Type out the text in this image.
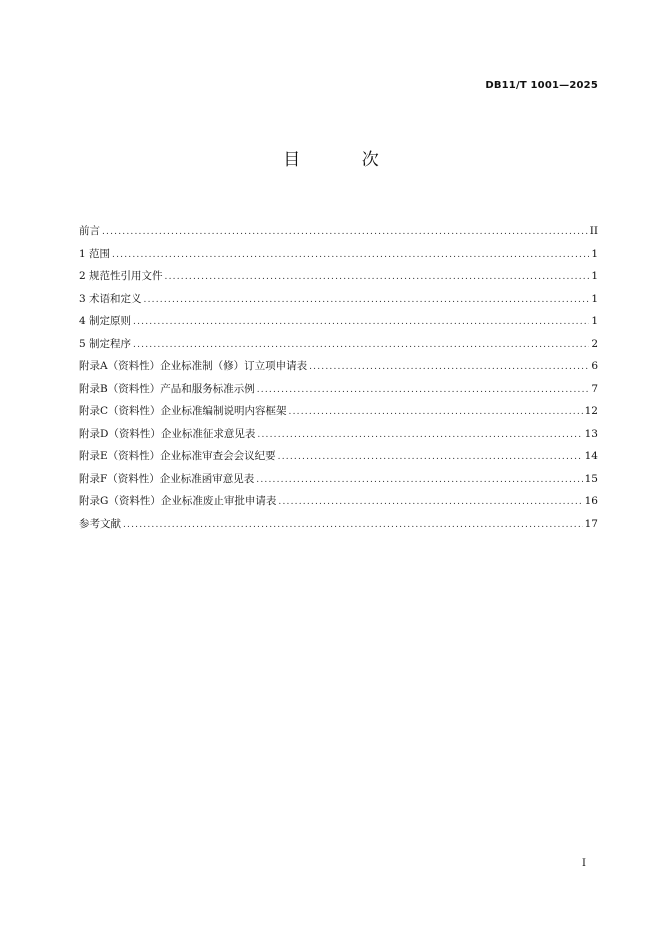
DB11/T 1001—2025
目 次
前言 .....	II
1 范围 .....	1
2 规范性引用文件 .....	1
3 术语和定义 .....	1
4 制定原则 .....	1
5 制定程序 .....	2
附录A（资料性）企业标准制（修）订立项申请表 .....	6
附录B（资料性）产品和服务标准示例 .....	7
附录C（资料性）企业标准编制说明内容框架 .....	12
附录D（资料性）企业标准征求意见表 .....	13
附录E（资料性）企业标准审查会会议纪要 .....	14
附录F（资料性）企业标准函审意见表 .....	15
附录G（资料性）企业标准废止审批申请表 .....	16
参考文献 .....	17
I
